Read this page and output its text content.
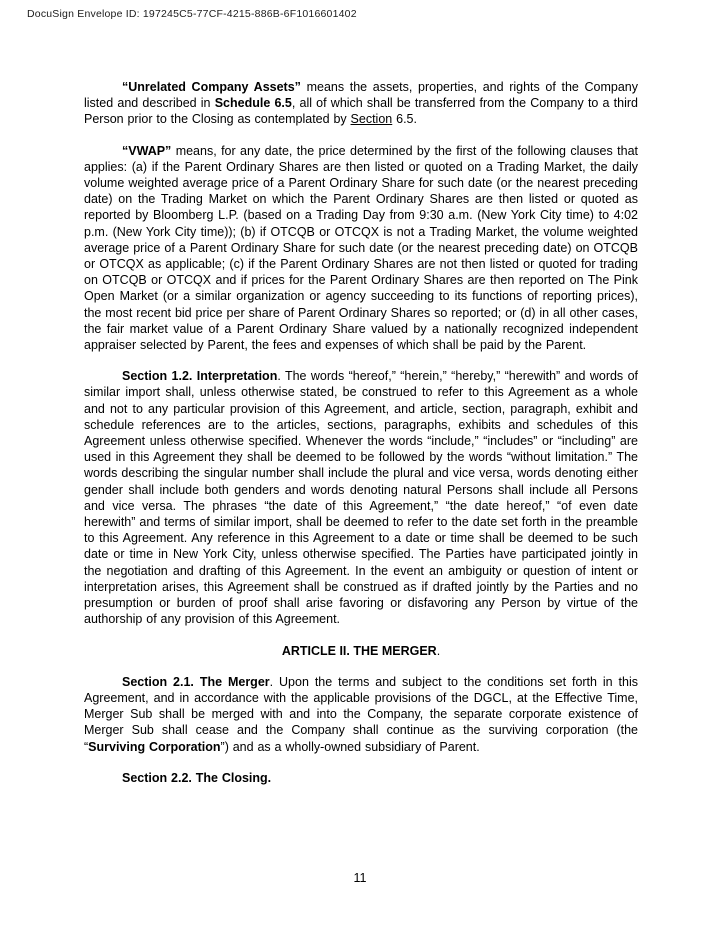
DocuSign Envelope ID: 197245C5-77CF-4215-886B-6F1016601402

“Unrelated Company Assets” means the assets, properties, and rights of the Company listed and described in Schedule 6.5, all of which shall be transferred from the Company to a third Person prior to the Closing as contemplated by Section 6.5.

“VWAP” means, for any date, the price determined by the first of the following clauses that applies: (a) if the Parent Ordinary Shares are then listed or quoted on a Trading Market, the daily volume weighted average price of a Parent Ordinary Share for such date (or the nearest preceding date) on the Trading Market on which the Parent Ordinary Shares are then listed or quoted as reported by Bloomberg L.P. (based on a Trading Day from 9:30 a.m. (New York City time) to 4:02 p.m. (New York City time)); (b) if OTCQB or OTCQX is not a Trading Market, the volume weighted average price of a Parent Ordinary Share for such date (or the nearest preceding date) on OTCQB or OTCQX as applicable; (c) if the Parent Ordinary Shares are not then listed or quoted for trading on OTCQB or OTCQX and if prices for the Parent Ordinary Shares are then reported on The Pink Open Market (or a similar organization or agency succeeding to its functions of reporting prices), the most recent bid price per share of Parent Ordinary Shares so reported; or (d) in all other cases, the fair market value of a Parent Ordinary Share valued by a nationally recognized independent appraiser selected by Parent, the fees and expenses of which shall be paid by the Parent.

Section 1.2. Interpretation. The words “hereof,” “herein,” “hereby,” “herewith” and words of similar import shall, unless otherwise stated, be construed to refer to this Agreement as a whole and not to any particular provision of this Agreement, and article, section, paragraph, exhibit and schedule references are to the articles, sections, paragraphs, exhibits and schedules of this Agreement unless otherwise specified. Whenever the words “include,” “includes” or “including” are used in this Agreement they shall be deemed to be followed by the words “without limitation.” The words describing the singular number shall include the plural and vice versa, words denoting either gender shall include both genders and words denoting natural Persons shall include all Persons and vice versa. The phrases “the date of this Agreement,” “the date hereof,” “of even date herewith” and terms of similar import, shall be deemed to refer to the date set forth in the preamble to this Agreement. Any reference in this Agreement to a date or time shall be deemed to be such date or time in New York City, unless otherwise specified. The Parties have participated jointly in the negotiation and drafting of this Agreement. In the event an ambiguity or question of intent or interpretation arises, this Agreement shall be construed as if drafted jointly by the Parties and no presumption or burden of proof shall arise favoring or disfavoring any Person by virtue of the authorship of any provision of this Agreement.

ARTICLE II. THE MERGER.

Section 2.1. The Merger. Upon the terms and subject to the conditions set forth in this Agreement, and in accordance with the applicable provisions of the DGCL, at the Effective Time, Merger Sub shall be merged with and into the Company, the separate corporate existence of Merger Sub shall cease and the Company shall continue as the surviving corporation (the “Surviving Corporation”) and as a wholly-owned subsidiary of Parent.

Section 2.2. The Closing.

11
